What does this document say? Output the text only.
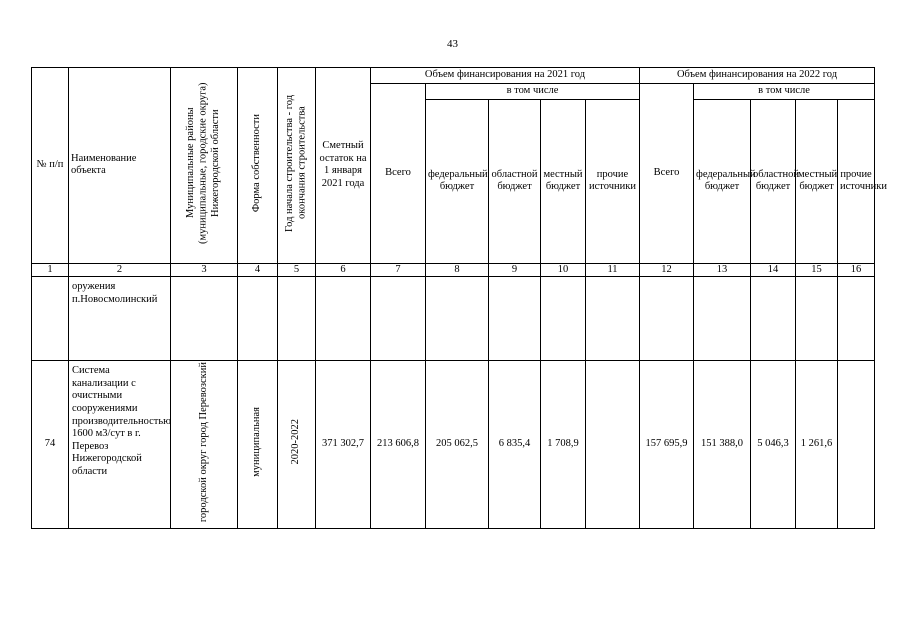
43
№ п/п	Наименование объекта	Муниципальные районы (муниципальные, городские округа) Нижегородской области	Форма собственности	Год начала строительства - год окончания строительства	Сметный остаток на 1 января 2021 года	Объем финансирования на 2021 год					Объем финансирования на 2022 год				
						Всего	в том числе				Всего	в том числе			
							федеральный бюджет	областной бюджет	местный бюджет	прочие источники		федеральный бюджет	областной бюджет	местный бюджет	прочие источники
1	2	3	4	5	6	7	8	9	10	11	12	13	14	15	16
	оружения п.Новосмолинский														
74	Система канализации с очистными сооружениями производительностью 1600 м3/сут в г. Перевоз Нижегородской области	городской округ город Перевозский	муниципальная	2020-2022	371 302,7	213 606,8	205 062,5	6 835,4	1 708,9		157 695,9	151 388,0	5 046,3	1 261,6	
